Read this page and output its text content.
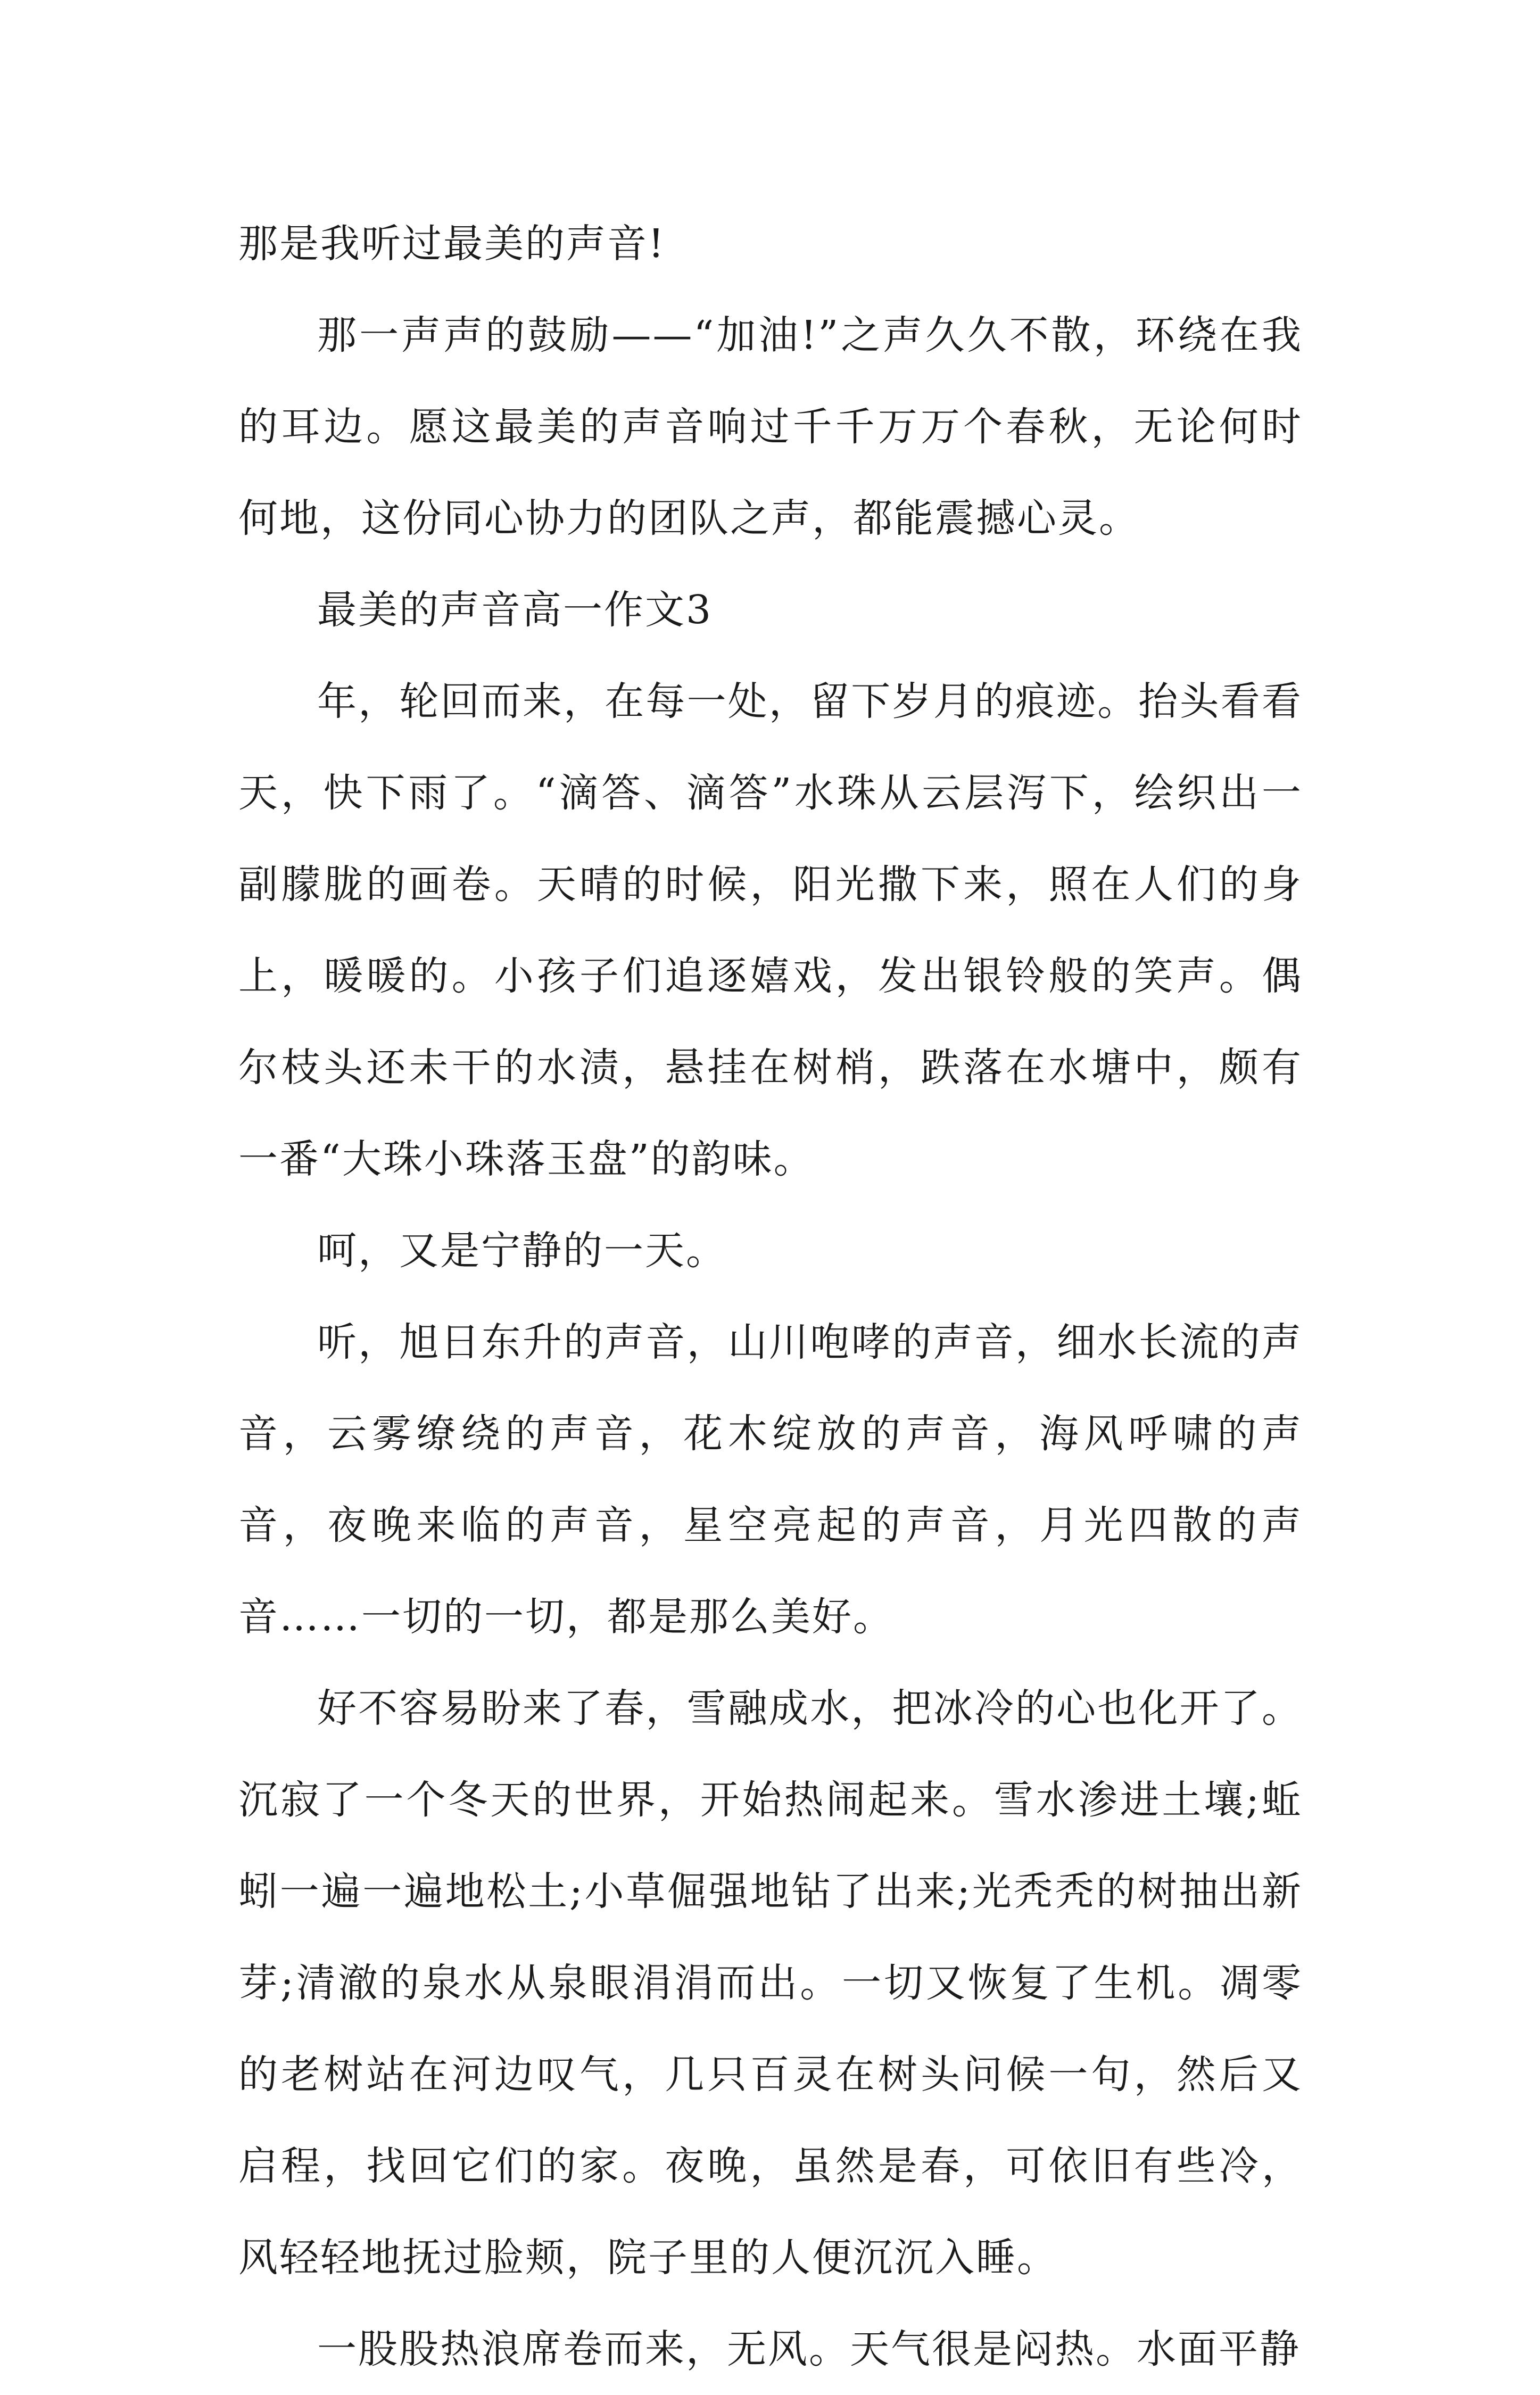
那是我听过最美的声音!

那一声声的鼓励——“加油!”之声久久不散，环绕在我的耳边。愿这最美的声音响过千千万万个春秋，无论何时何地，这份同心协力的团队之声，都能震撼心灵。

最美的声音高一作文3

年，轮回而来，在每一处，留下岁月的痕迹。抬头看看天，快下雨了。“滴答、滴答”水珠从云层泻下，绘织出一副朦胧的画卷。天晴的时候，阳光撒下来，照在人们的身上，暖暖的。小孩子们追逐嬉戏，发出银铃般的笑声。偶尔枝头还未干的水渍，悬挂在树梢，跌落在水塘中，颇有一番“大珠小珠落玉盘”的韵味。

呵，又是宁静的一天。

听，旭日东升的声音，山川咆哮的声音，细水长流的声音，云雾缭绕的声音，花木绽放的声音，海风呼啸的声音，夜晚来临的声音，星空亮起的声音，月光四散的声音……一切的一切，都是那么美好。

好不容易盼来了春，雪融成水，把冰冷的心也化开了。沉寂了一个冬天的世界，开始热闹起来。雪水渗进土壤;蚯蚓一遍一遍地松土;小草倔强地钻了出来;光秃秃的树抽出新芽;清澈的泉水从泉眼涓涓而出。一切又恢复了生机。凋零的老树站在河边叹气，几只百灵在树头问候一句，然后又启程，找回它们的家。夜晚，虽然是春，可依旧有些冷，风轻轻地抚过脸颊，院子里的人便沉沉入睡。

一股股热浪席卷而来，无风。天气很是闷热。水面平静
